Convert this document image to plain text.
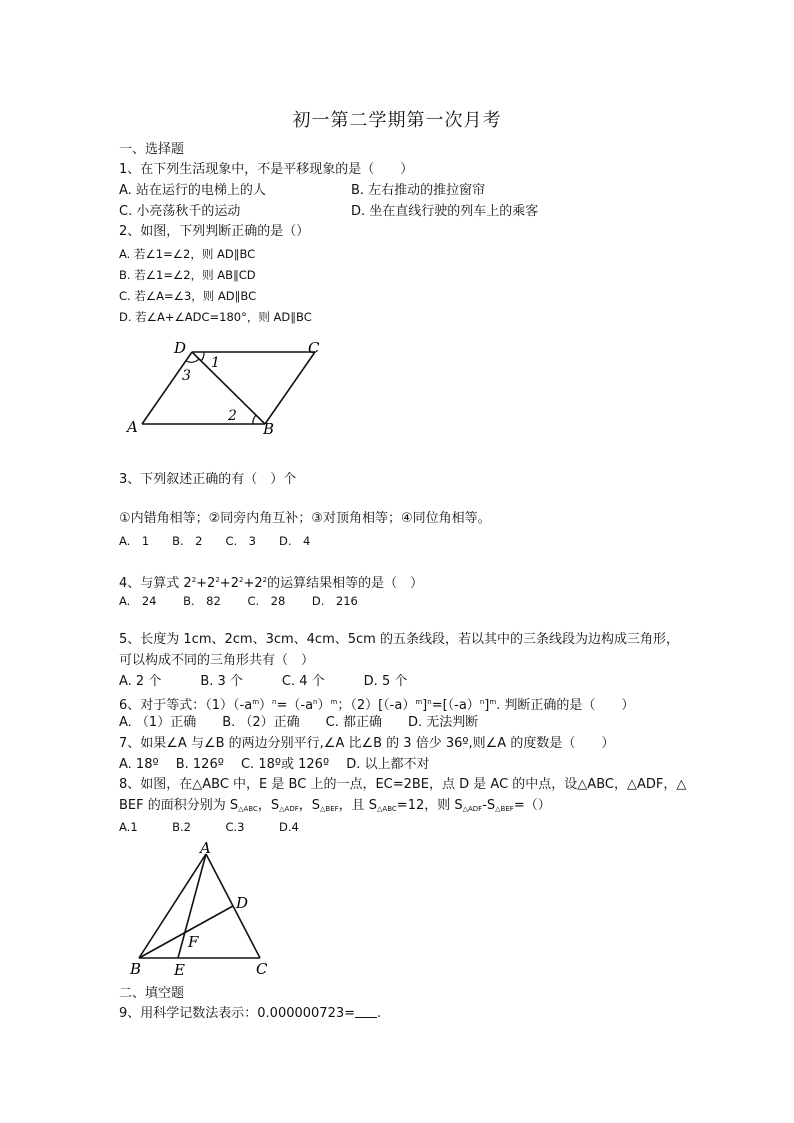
初一第二学期第一次月考
一、选择题
1、在下列生活现象中，不是平移现象的是（　　）
A. 站在运行的电梯上的人	B. 左右推动的推拉窗帘
C. 小亮荡秋千的运动	D. 坐在直线行驶的列车上的乘客
2、如图，下列判断正确的是（）
A. 若∠1=∠2，则 AD∥BC
B. 若∠1=∠2，则 AB∥CD
C. 若∠A=∠3，则 AD∥BC
D. 若∠A+∠ADC=180°，则 AD∥BC
D	C
A	B
1
3
2
3、下列叙述正确的有（　）个
①内错角相等；②同旁内角互补；③对顶角相等；④同位角相等。
A.　1　　B.　2　　C.　3　　D.　4
4、与算式 $2^2+2^2+2^2+2^2$的运算结果相等的是（　）
A.　24　　 B.　82　　 C.　28　　 D.　216
5、长度为 1cm、2cm、3cm、4cm、5cm 的五条线段，若以其中的三条线段为边构成三角形，
可以构成不同的三角形共有（　）
A. 2 个　　　B. 3 个　　　C. 4 个　　　D. 5 个
6、对于等式：$(1)(-a^m)^n=(-a^n)^m$；$(2)[(-a)^m]^n=[(-a)^n]^m$. 判断正确的是（　　）
A. （1）正确　　B. （2）正确　　C. 都正确　　D. 无法判断
7、如果∠A 与∠B 的两边分别平行,∠A 比∠B 的 3 倍少 36º,则∠A 的度数是（　　）
A. 18º　 B. 126º　 C. 18º或 126º　 D. 以上都不对
8、如图，在△ABC 中，E 是 BC 上的一点，EC=2BE，点 D 是 AC 的中点，设△ABC，△ADF，△
BEF 的面积分别为 $S_{\triangle ABC}$，$S_{\triangle ADF}$，$S_{\triangle BEF}$，且 $S_{\triangle ABC}=12$，则 $S_{\triangle ADF}-S_{\triangle BEF}=()$
A.1　　　B.2　　　C.3　　　D.4
A
B	C
D
E
F
二、填空题
9、用科学记数法表示：0.000000723= .
